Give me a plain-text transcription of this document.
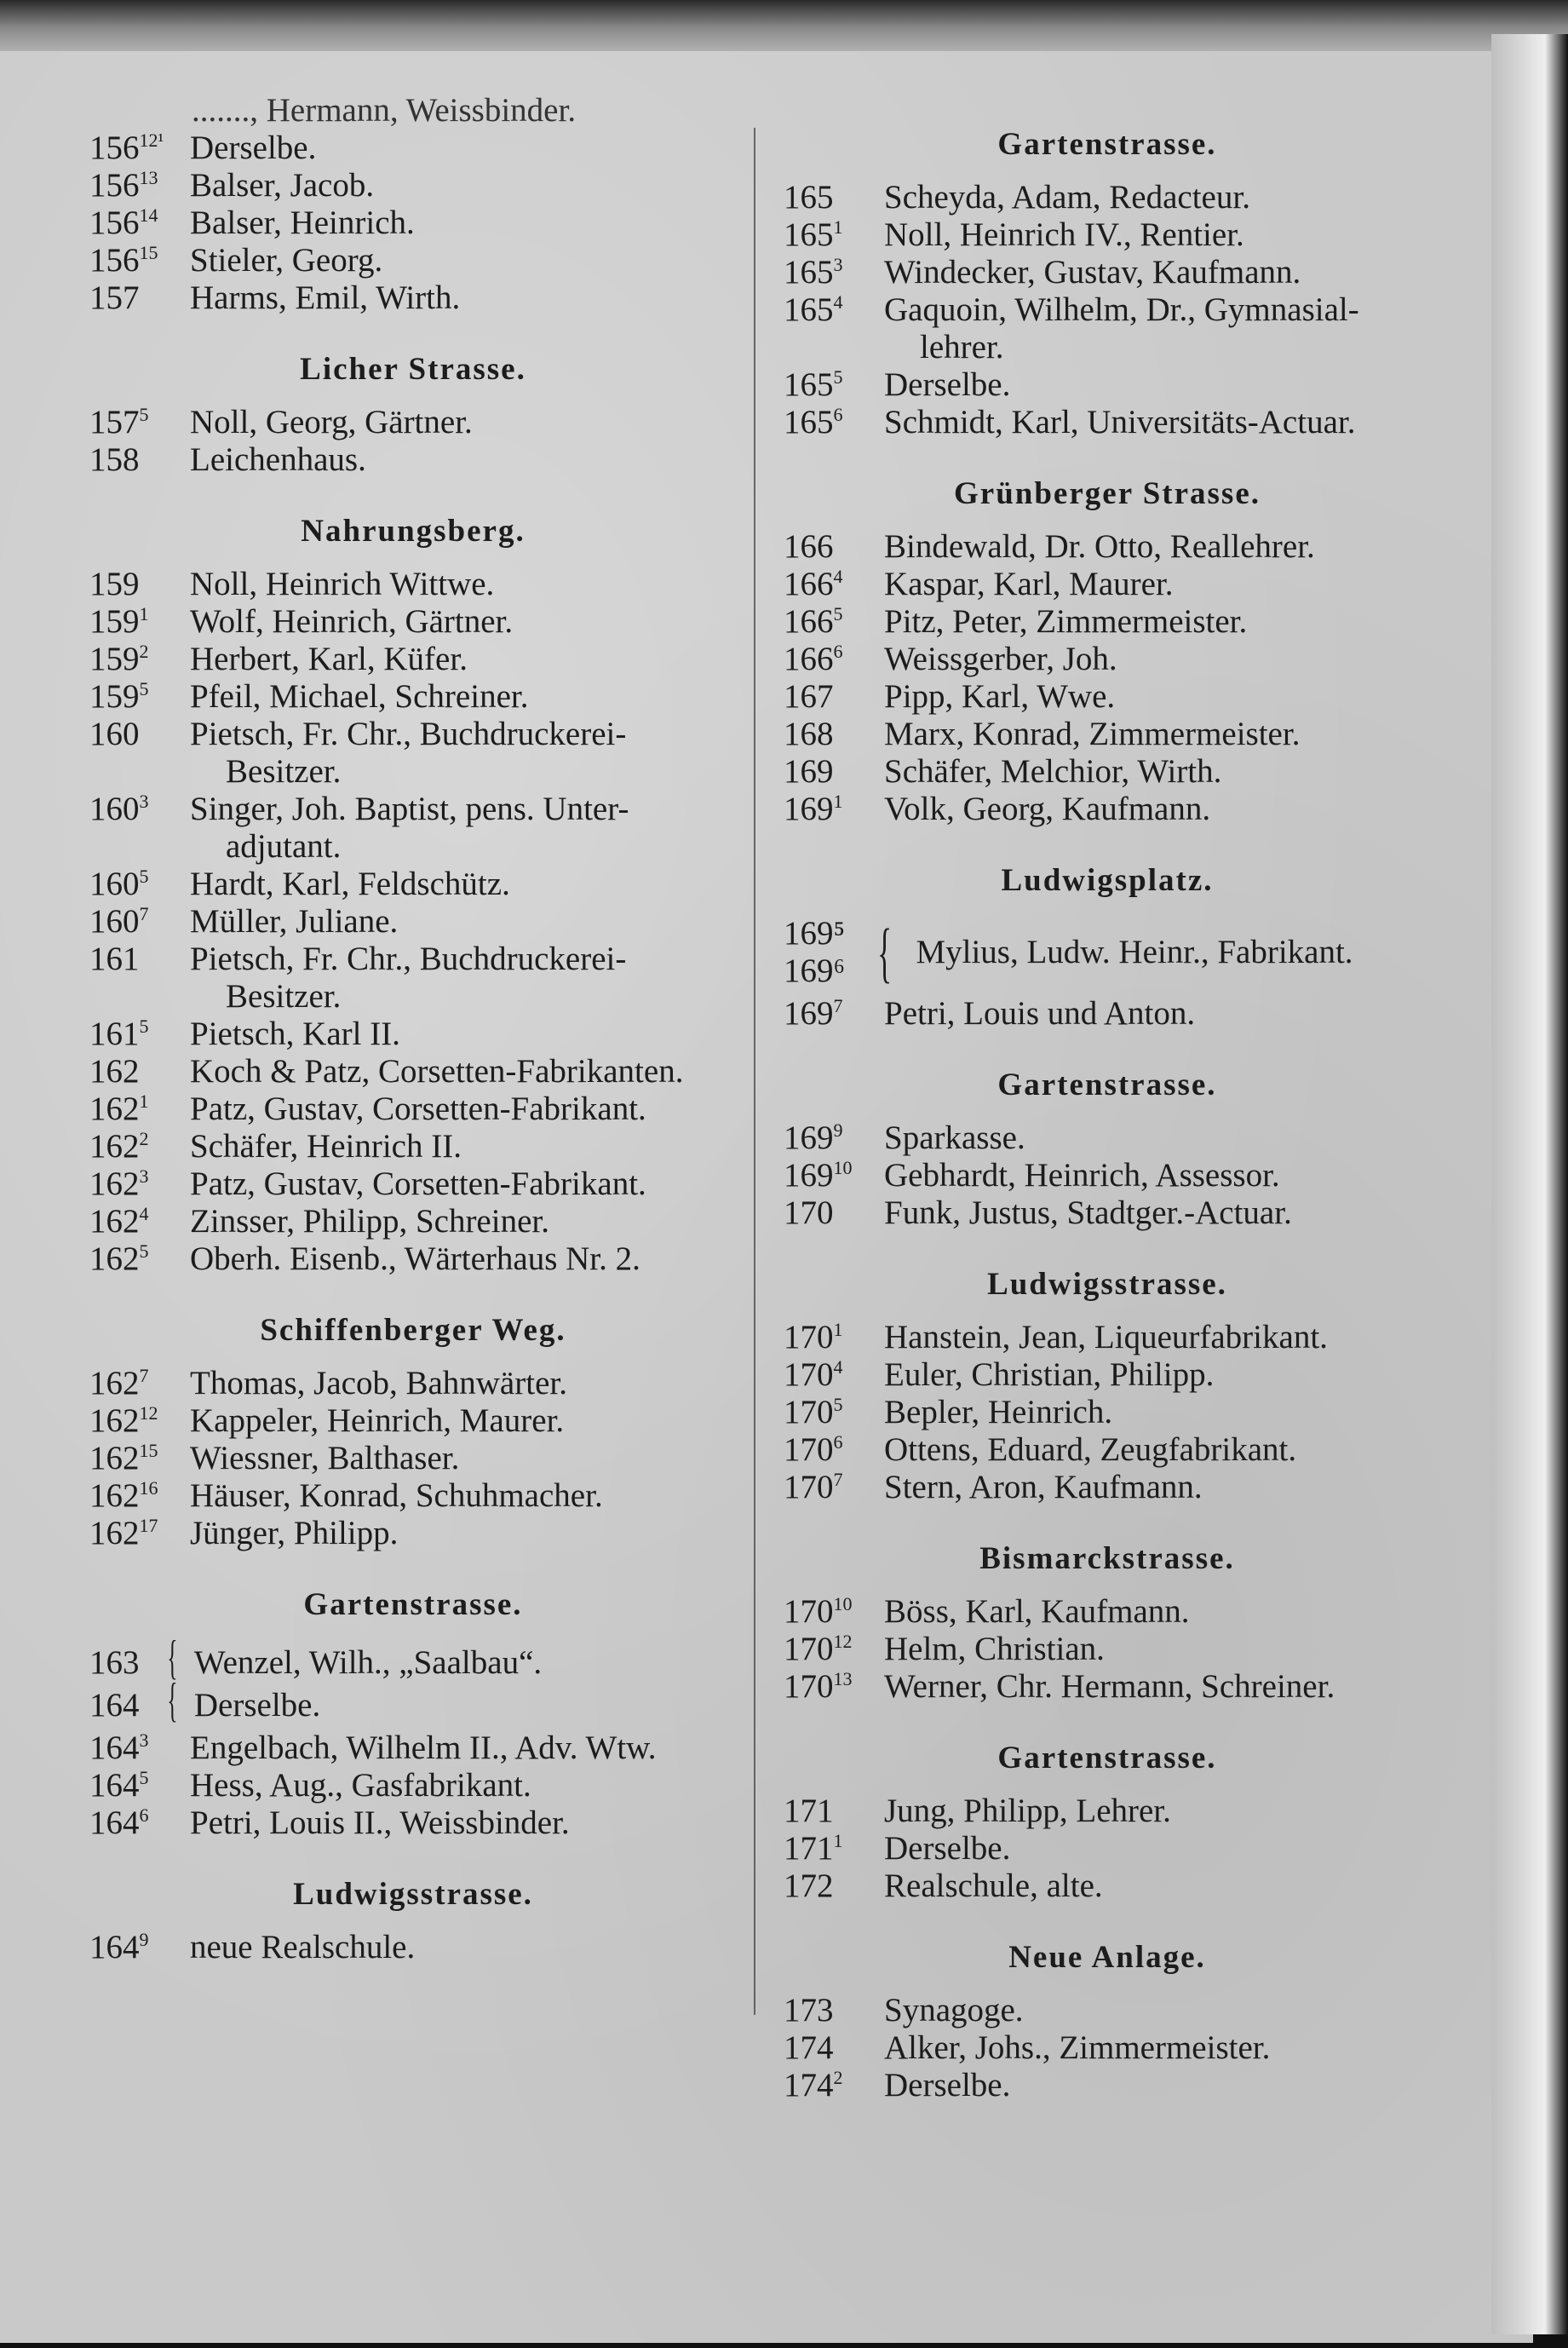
......., Hermann, Weissbinder.
$156^{12^1}$ Derselbe.
$156^{13}$ Balser, Jacob.
$156^{14}$ Balser, Heinrich.
$156^{15}$ Stieler, Georg.
157	Harms, Emil, Wirth.
Licher Strasse.
$157^5$	Noll, Georg, Gärtner.
158	Leichenhaus.
Nahrungsberg.
159	Noll, Heinrich Wittwe.
$159^1$	Wolf, Heinrich, Gärtner.
$159^2$	Herbert, Karl, Küfer.
$159^5$	Pfeil, Michael, Schreiner.
160	Pietsch, Fr. Chr., Buchdruckerei-
Besitzer.
$160^3$	Singer, Joh. Baptist, pens. Unter-
adjutant.
$160^5$	Hardt, Karl, Feldschütz.
$160^7$	Müller, Juliane.
161	Pietsch, Fr. Chr., Buchdruckerei-
Besitzer.
$161^5$	Pietsch, Karl II.
162	Koch & Patz, Corsetten-Fabrikanten.
$162^1$	Patz, Gustav, Corsetten-Fabrikant.
$162^2$	Schäfer, Heinrich II.
$162^3$	Patz, Gustav, Corsetten-Fabrikant.
$162^4$	Zinsser, Philipp, Schreiner.
$162^5$	Oberh. Eisenb., Wärterhaus Nr. 2.
Schiffenberger Weg.
$162^7$	Thomas, Jacob, Bahnwärter.
$162^{12}$ Kappeler, Heinrich, Maurer.
$162^{15}$ Wiessner, Balthaser.
$162^{16}$ Häuser, Konrad, Schuhmacher.
$162^{17}$ Jünger, Philipp.
Gartenstrasse.
163 { Wenzel, Wilh., „Saalbau“.
164 { Derselbe.
$164^3$	Engelbach, Wilhelm II., Adv. Wtw.
$164^5$	Hess, Aug., Gasfabrikant.
$164^6$	Petri, Louis II., Weissbinder.
Ludwigsstrasse.
$164^9$	neue Realschule.
Gartenstrasse.
165	Scheyda, Adam, Redacteur.
$165^1$	Noll, Heinrich IV., Rentier.
$165^3$	Windecker, Gustav, Kaufmann.
$165^4$	Gaquoin, Wilhelm, Dr., Gymnasial-
lehrer.
$165^5$	Derselbe.
$165^6$	Schmidt, Karl, Universitäts-Actuar.
Grünberger Strasse.
166	Bindewald, Dr. Otto, Reallehrer.
$166^4$	Kaspar, Karl, Maurer.
$166^5$	Pitz, Peter, Zimmermeister.
$166^6$	Weissgerber, Joh.
167	Pipp, Karl, Wwe.
168	Marx, Konrad, Zimmermeister.
169	Schäfer, Melchior, Wirth.
$169^1$	Volk, Georg, Kaufmann.
Ludwigsplatz.
169⁵
169⁶ { Mylius, Ludw. Heinr., Fabrikant.
$169^7$	Petri, Louis und Anton.
Gartenstrasse.
$169^9$	Sparkasse.
$169^{10}$ Gebhardt, Heinrich, Assessor.
170	Funk, Justus, Stadtger.-Actuar.
Ludwigsstrasse.
$170^1$	Hanstein, Jean, Liqueurfabrikant.
$170^4$	Euler, Christian, Philipp.
$170^5$	Bepler, Heinrich.
$170^6$	Ottens, Eduard, Zeugfabrikant.
$170^7$	Stern, Aron, Kaufmann.
Bismarckstrasse.
$170^{10}$ Böss, Karl, Kaufmann.
$170^{12}$ Helm, Christian.
$170^{13}$ Werner, Chr. Hermann, Schreiner.
Gartenstrasse.
171	Jung, Philipp, Lehrer.
$171^1$	Derselbe.
172	Realschule, alte.
Neue Anlage.
173	Synagoge.
174	Alker, Johs., Zimmermeister.
$174^2$	Derselbe.
